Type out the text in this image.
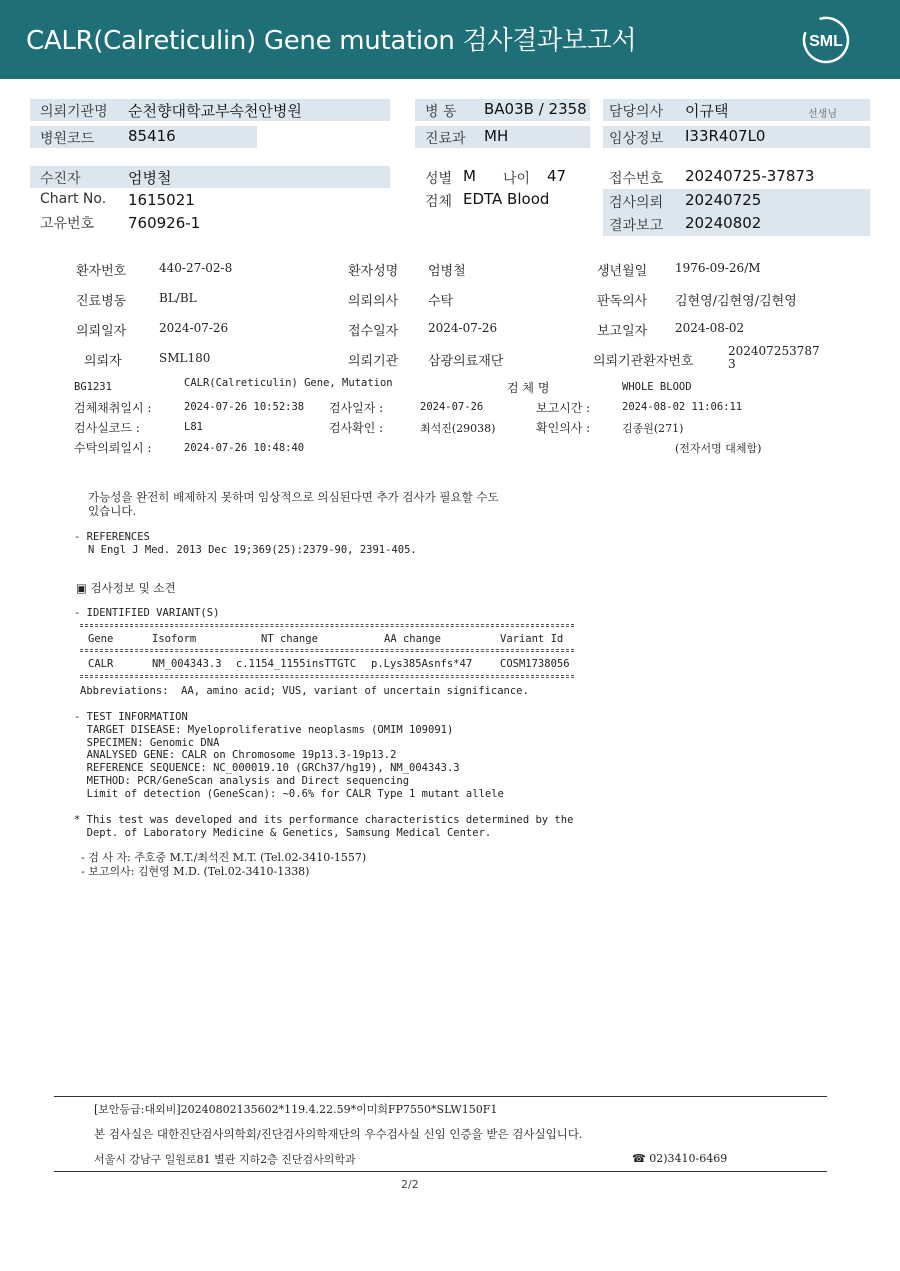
CALR(Calreticulin) Gene mutation 검사결과보고서	SML
의뢰기관명 순천향대학교부속천안병원	병 동 BA03B / 2358 담당의사 이규택	선생님
병원코드 85416	진료과 MH	임상정보 I33R407L0
수진자	엄병철	성별 M 나이 47	접수번호 20240725-37873
Chart No. 1615021	검체 EDTA Blood	검사의뢰 20240725
고유번호 760926-1	결과보고 20240802
환자번호	440-27-02-8	환자성명 엄병철	생년월일 1976-09-26/M
진료병동	BL/BL	의뢰의사 수탁	판독의사 김현영/김현영/김현영
의뢰일자	2024-07-26	접수일자 2024-07-26	보고일자 2024-08-02
의뢰자	SML180	의뢰기관 삼광의료재단	의뢰기관환자번호
202407253787
3
BG1231	CALR(Calreticulin) Gene, Mutation	검 체 명	WHOLE BLOOD
검체채취일시 :	2024-07-26 10:52:38 검사일자 :	2024-07-26	보고시간 :	2024-08-02 11:06:11
검사실코드 :	L81	검사확인 :	최석진(29038)	확인의사 :	김종원(271)
수탁의뢰일시 :	2024-07-26 10:48:40	(전자서명 대체함)
가능성을 완전히 배제하지 못하며 임상적으로 의심된다면 추가 검사가 필요할 수도
있습니다.
- REFERENCES
N Engl J Med. 2013 Dec 19;369(25):2379-90, 2391-405.
▣ 검사정보 및 소견
- IDENTIFIED VARIANT(S)
Gene	Isoform	NT change	AA change	Variant Id
CALR	NM_004343.3 c.1154_1155insTTGTC p.Lys385Asnfs*47	COSM1738056
Abbreviations:  AA, amino acid; VUS, variant of uncertain significance.
- TEST INFORMATION
TARGET DISEASE: Myeloproliferative neoplasms (OMIM 109091)
SPECIMEN: Genomic DNA
ANALYSED GENE: CALR on Chromosome 19p13.3-19p13.2
REFERENCE SEQUENCE: NC_000019.10 (GRCh37/hg19), NM_004343.3
METHOD: PCR/GeneScan analysis and Direct sequencing
Limit of detection (GeneScan): ~0.6% for CALR Type 1 mutant allele
* This test was developed and its performance characteristics determined by the
Dept. of Laboratory Medicine & Genetics, Samsung Medical Center.
- 검 사 자: 주호중 M.T./최석진 M.T. (Tel.02-3410-1557)
- 보고의사: 김현영 M.D. (Tel.02-3410-1338)
[보안등급:대외비]20240802135602*119.4.22.59*이미희FP7550*SLW150F1
본 검사실은 대한진단검사의학회/진단검사의학재단의 우수검사실 신임 인증을 받은 검사실입니다.
서울시 강남구 일원로81 별관 지하2층 진단검사의학과	☎ 02)3410-6469
2/2
